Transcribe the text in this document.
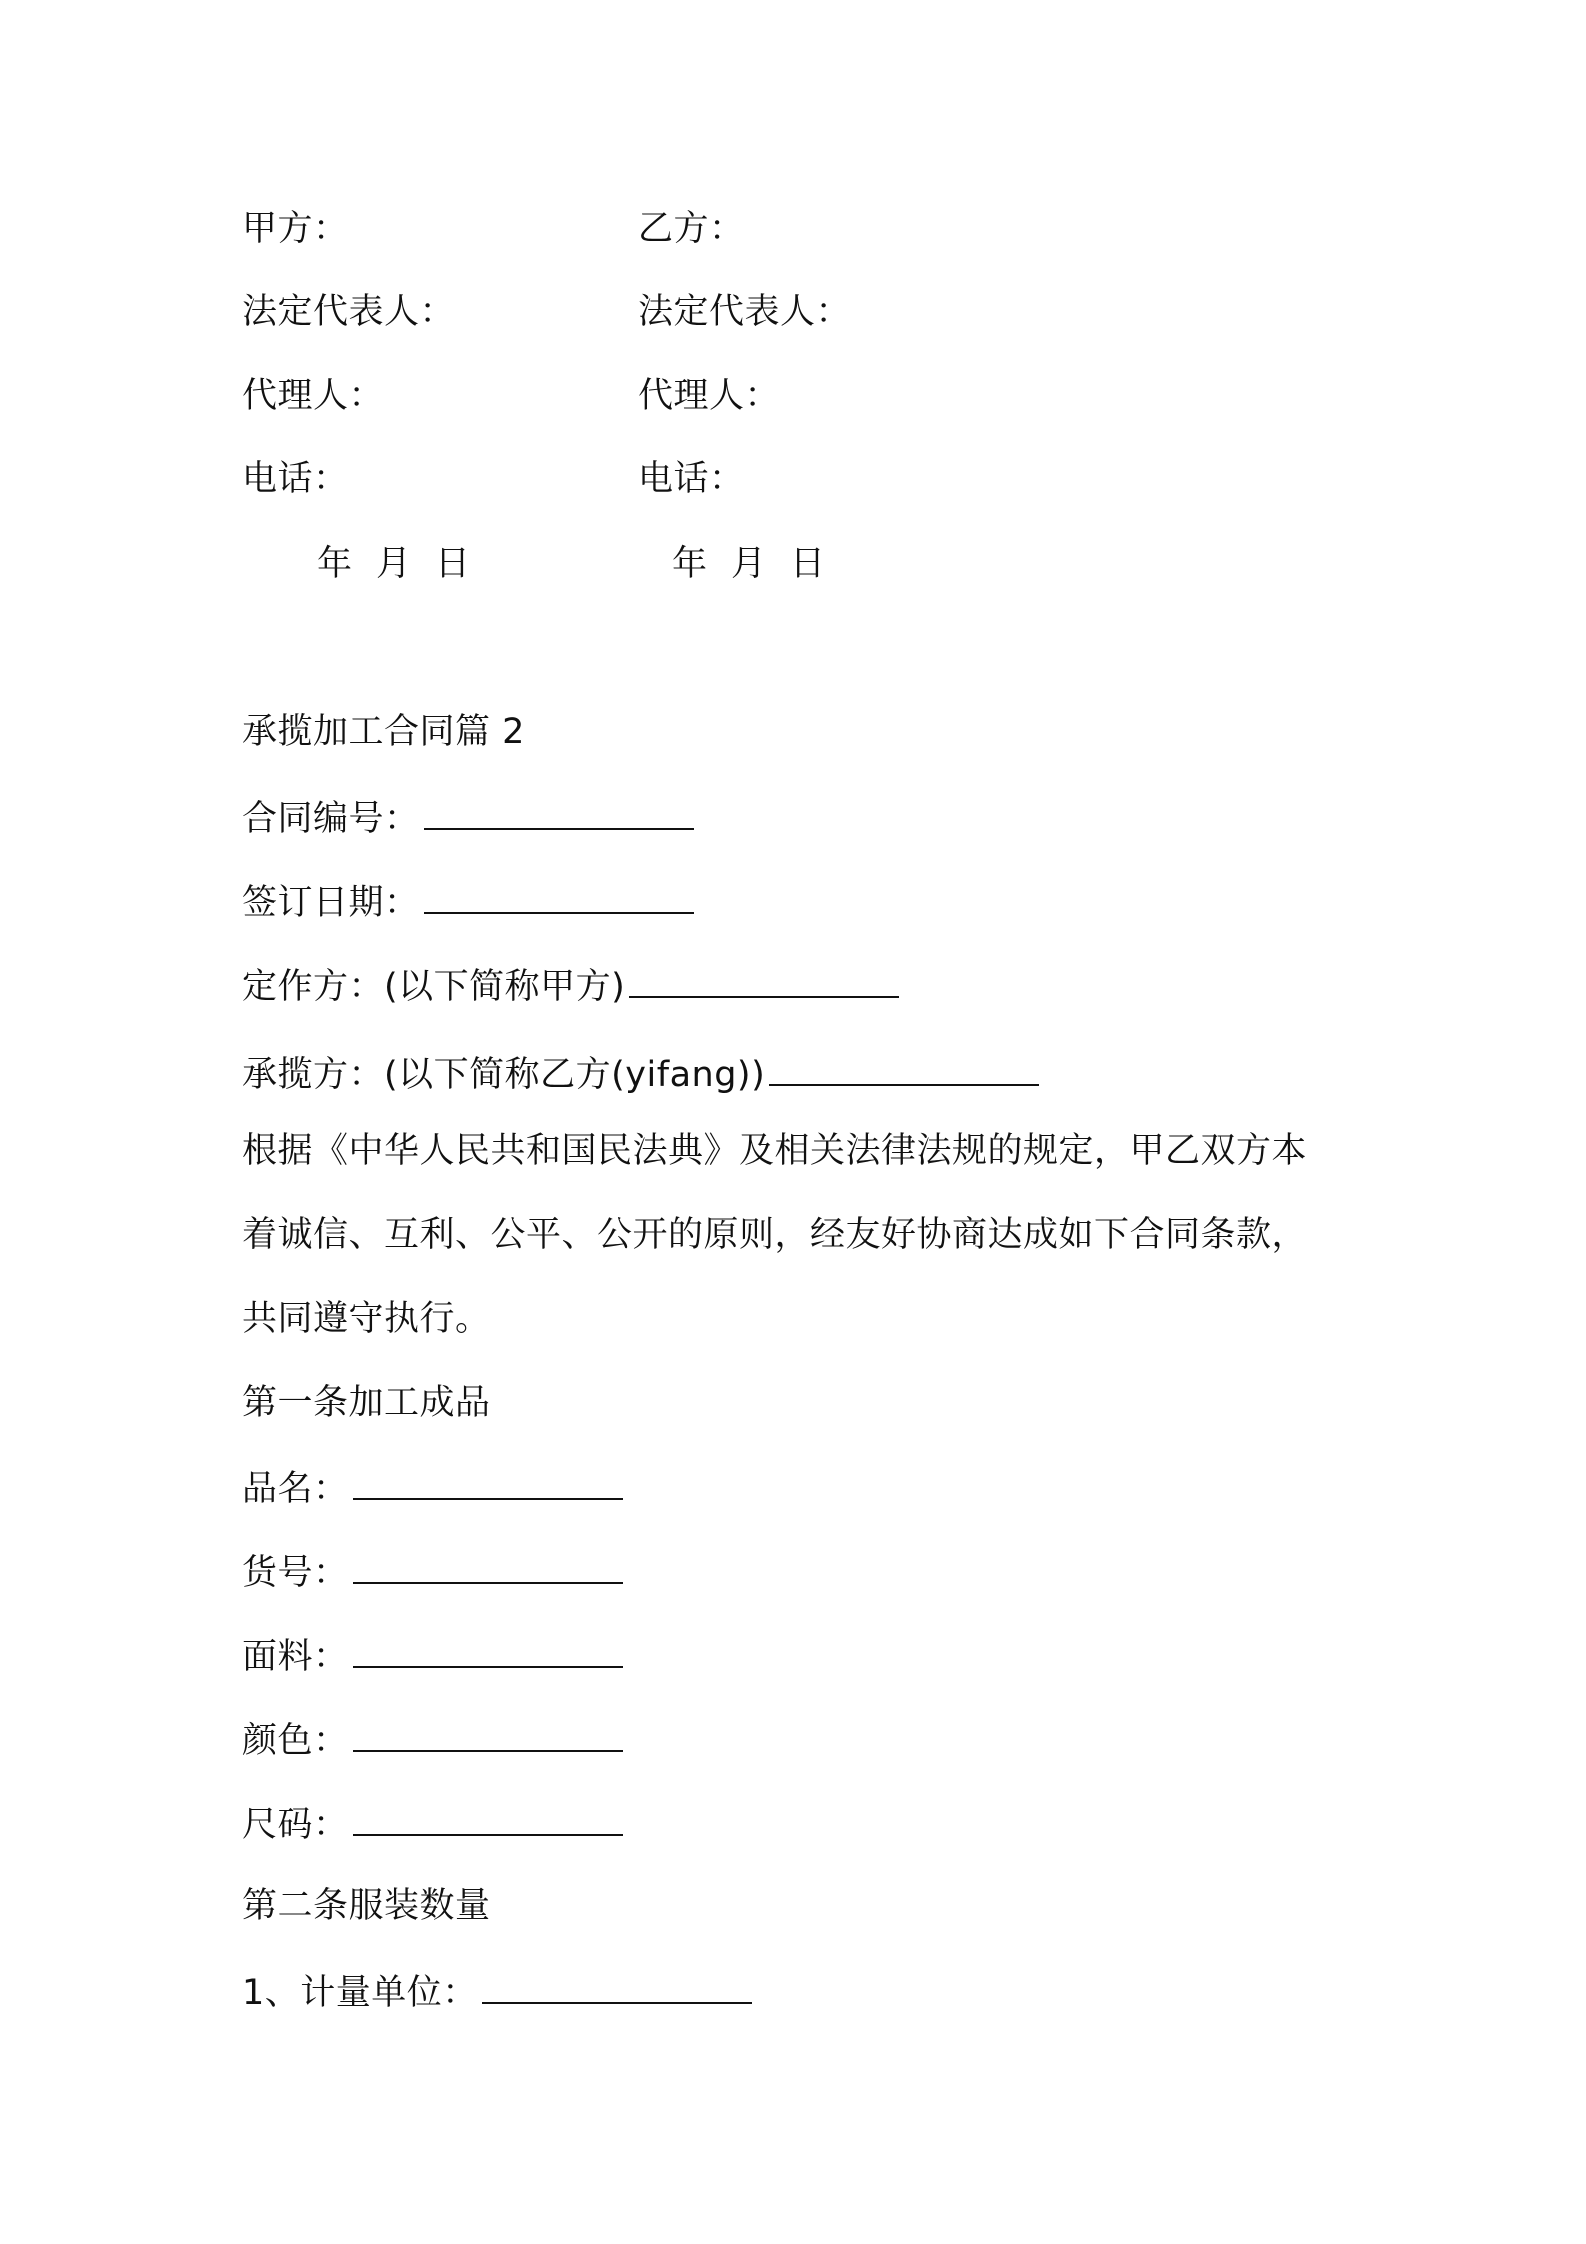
甲方：	乙方：
法定代表人：	法定代表人：
代理人：	代理人：
电话：	电话：
年 月 日	年 月 日
承揽加工合同篇 2
合同编号：
签订日期：
定作方：(以下简称甲方)
承揽方：(以下简称乙方(yifang))
根据《中华人民共和国民法典》及相关法律法规的规定，甲乙双方本
着诚信、互利、公平、公开的原则，经友好协商达成如下合同条款，
共同遵守执行。
第一条加工成品
品名：
货号：
面料：
颜色：
尺码：
第二条服装数量
1、计量单位：
